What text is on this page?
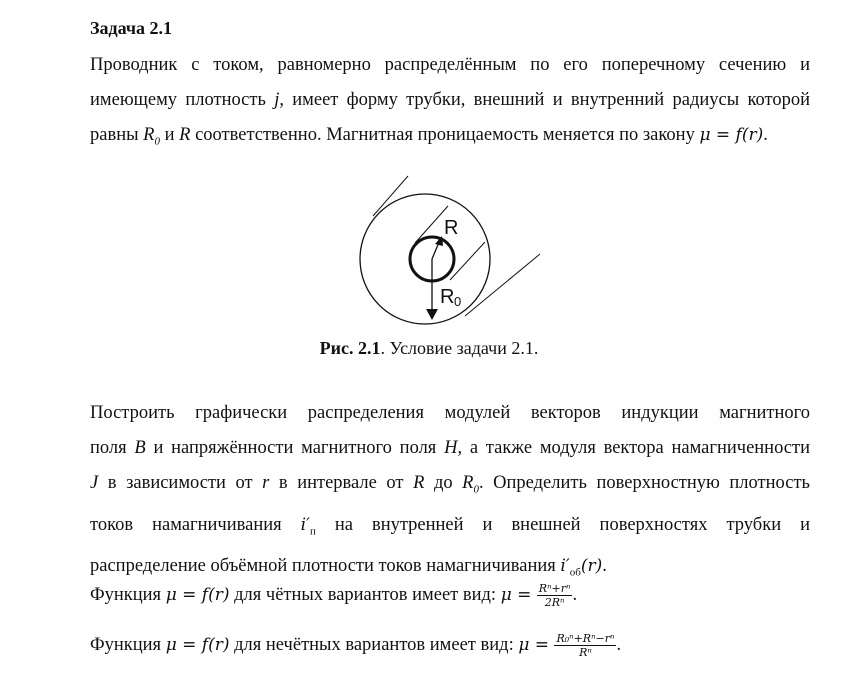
Задача 2.1
Проводник с током, равномерно распределённым по его поперечному сечению и
имеющему плотность j, имеет форму трубки, внешний и внутренний радиусы которой
равны $R_0$ и R соответственно. Магнитная проницаемость меняется по закону μ = f(r).
R
R 0
Рис. 2.1. Условие задачи 2.1.
Построить графически распределения модулей векторов индукции магнитного
поля B и напряжённости магнитного поля H, а также модуля вектора намагниченности
J в зависимости от r в интервале от R до $R_0$. Определить поверхностную плотность
токов намагничивания $i'_п$ на внутренней и внешней поверхностях трубки и
распределение объёмной плотности токов намагничивания $i'_{об}(r)$.
Функция μ = f(r) для чётных вариантов имеет вид: $\mu = \frac{\text{Rⁿ+rⁿ}}{\text{2Rⁿ}}$ .
Функция μ = f(r) для нечётных вариантов имеет вид: $\mu = \frac{\text{R₀ⁿ+Rⁿ−rⁿ}}{\text{Rⁿ}}$ .
